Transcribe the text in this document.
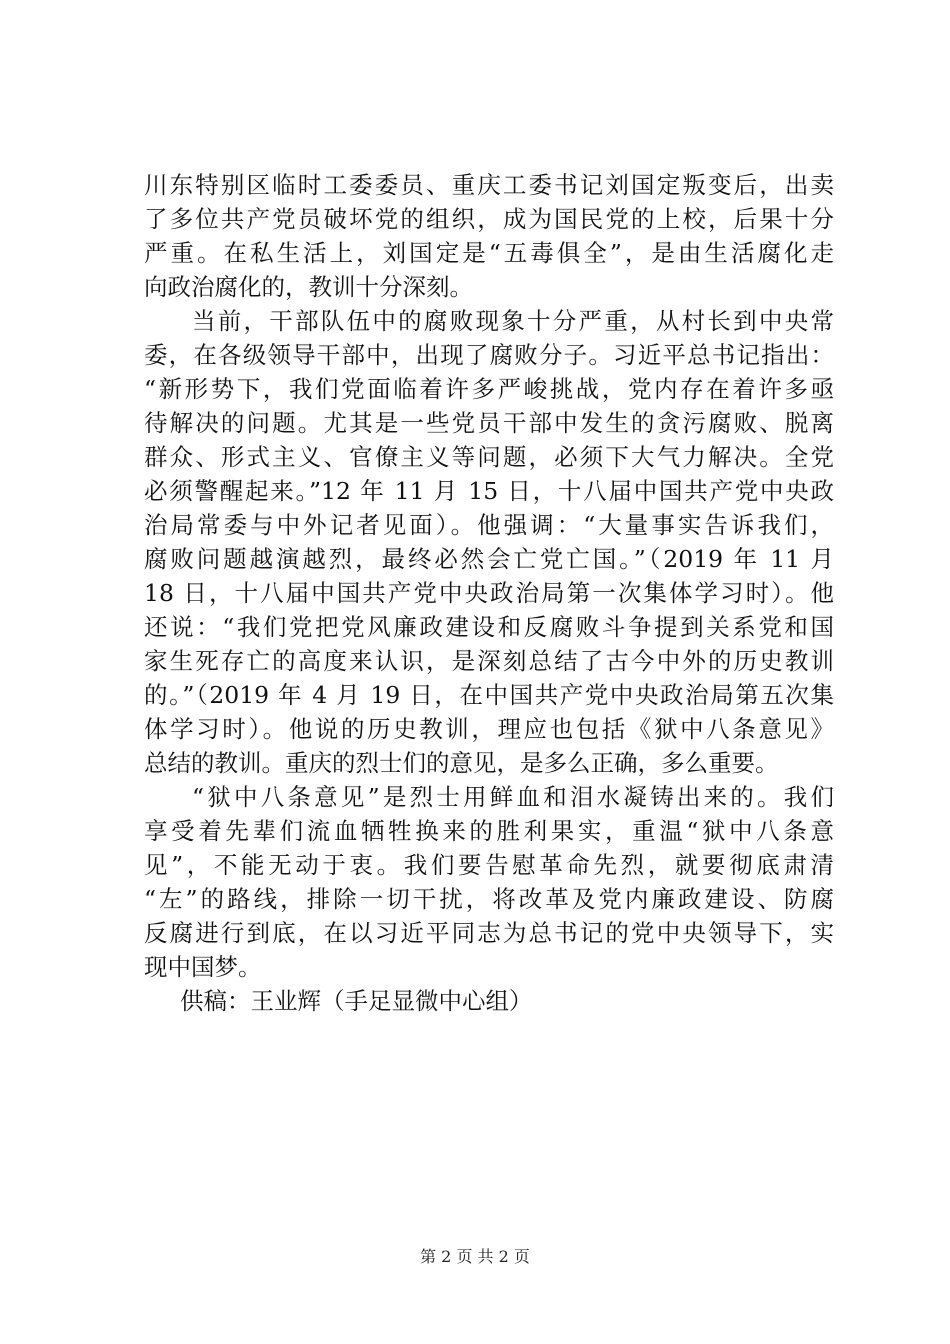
川东特别区临时工委委员、重庆工委书记刘国定叛变后，出卖
了多位共产党员破坏党的组织，成为国民党的上校，后果十分
严重。在私生活上，刘国定是“五毒俱全”，是由生活腐化走
向政治腐化的，教训十分深刻。
当前，干部队伍中的腐败现象十分严重，从村长到中央常
委，在各级领导干部中，出现了腐败分子。习近平总书记指出：
“新形势下，我们党面临着许多严峻挑战，党内存在着许多亟
待解决的问题。尤其是一些党员干部中发生的贪污腐败、脱离
群众、形式主义、官僚主义等问题，必须下大气力解决。全党
必须警醒起来。”12 年 11 月 15 日，十八届中国共产党中央政
治局常委与中外记者见面）。他强调：“大量事实告诉我们，
腐败问题越演越烈，最终必然会亡党亡国。”（2019 年 11 月
18 日，十八届中国共产党中央政治局第一次集体学习时）。他
还说：“我们党把党风廉政建设和反腐败斗争提到关系党和国
家生死存亡的高度来认识，是深刻总结了古今中外的历史教训
的。”（2019 年 4 月 19 日，在中国共产党中央政治局第五次集
体学习时）。他说的历史教训，理应也包括《狱中八条意见》
总结的教训。重庆的烈士们的意见，是多么正确，多么重要。
“狱中八条意见”是烈士用鲜血和泪水凝铸出来的。我们
享受着先辈们流血牺牲换来的胜利果实，重温“狱中八条意
见”，不能无动于衷。我们要告慰革命先烈，就要彻底肃清
“左”的路线，排除一切干扰，将改革及党内廉政建设、防腐
反腐进行到底，在以习近平同志为总书记的党中央领导下，实
现中国梦。
供稿：王业辉（手足显微中心组）
第 2 页 共 2 页
